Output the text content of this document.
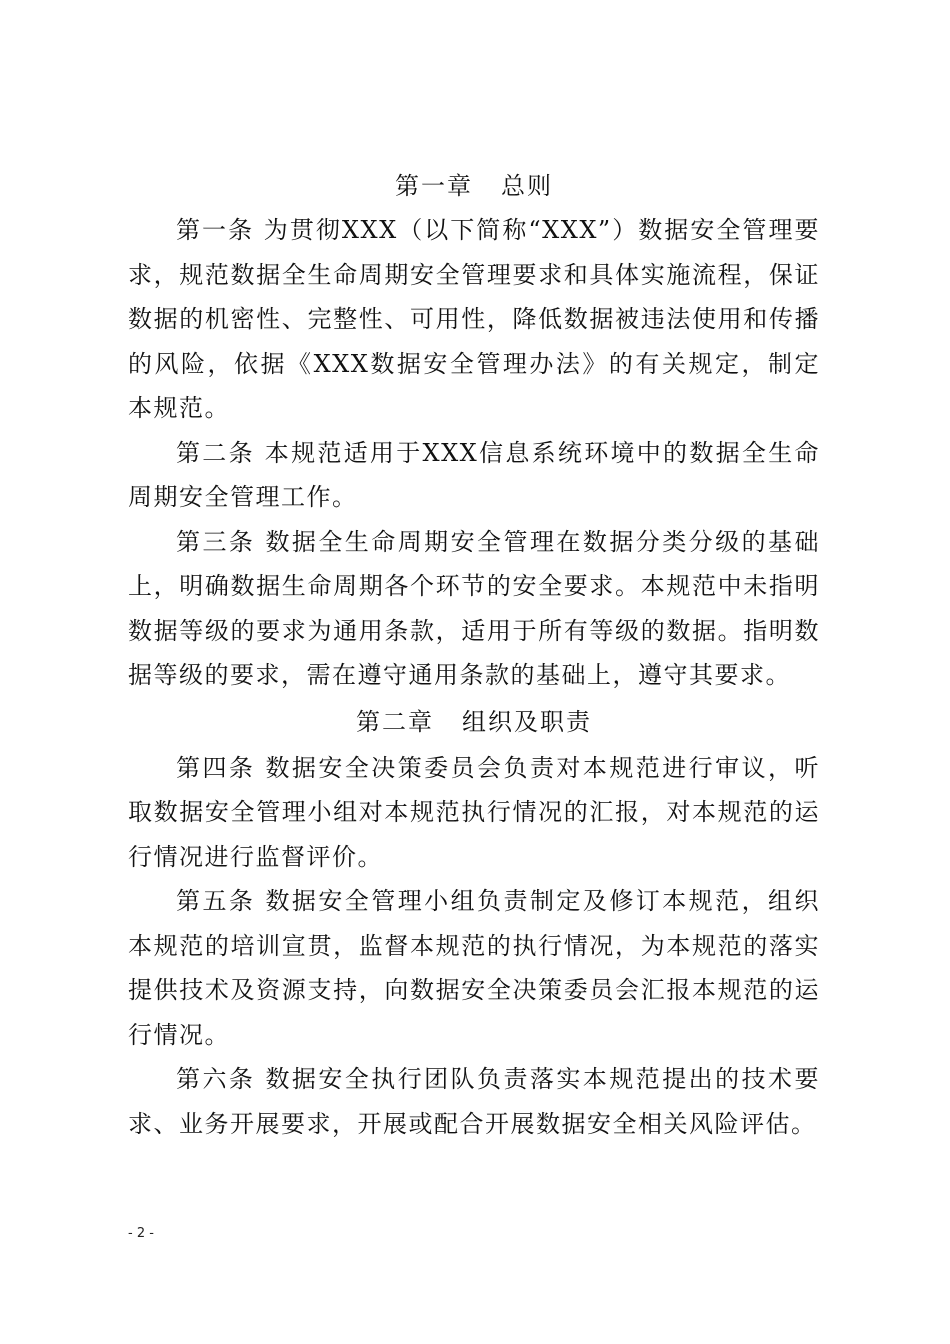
第一章 总则

第一条 为贯彻XXX（以下简称“XXX”）数据安全管理要求，规范数据全生命周期安全管理要求和具体实施流程，保证数据的机密性、完整性、可用性，降低数据被违法使用和传播的风险，依据《XXX数据安全管理办法》的有关规定，制定本规范。

第二条 本规范适用于XXX信息系统环境中的数据全生命周期安全管理工作。

第三条 数据全生命周期安全管理在数据分类分级的基础上，明确数据生命周期各个环节的安全要求。本规范中未指明数据等级的要求为通用条款，适用于所有等级的数据。指明数据等级的要求，需在遵守通用条款的基础上，遵守其要求。

第二章 组织及职责

第四条 数据安全决策委员会负责对本规范进行审议，听取数据安全管理小组对本规范执行情况的汇报，对本规范的运行情况进行监督评价。

第五条 数据安全管理小组负责制定及修订本规范，组织本规范的培训宣贯，监督本规范的执行情况，为本规范的落实提供技术及资源支持，向数据安全决策委员会汇报本规范的运行情况。

第六条 数据安全执行团队负责落实本规范提出的技术要求、业务开展要求，开展或配合开展数据安全相关风险评估。

- 2 -
